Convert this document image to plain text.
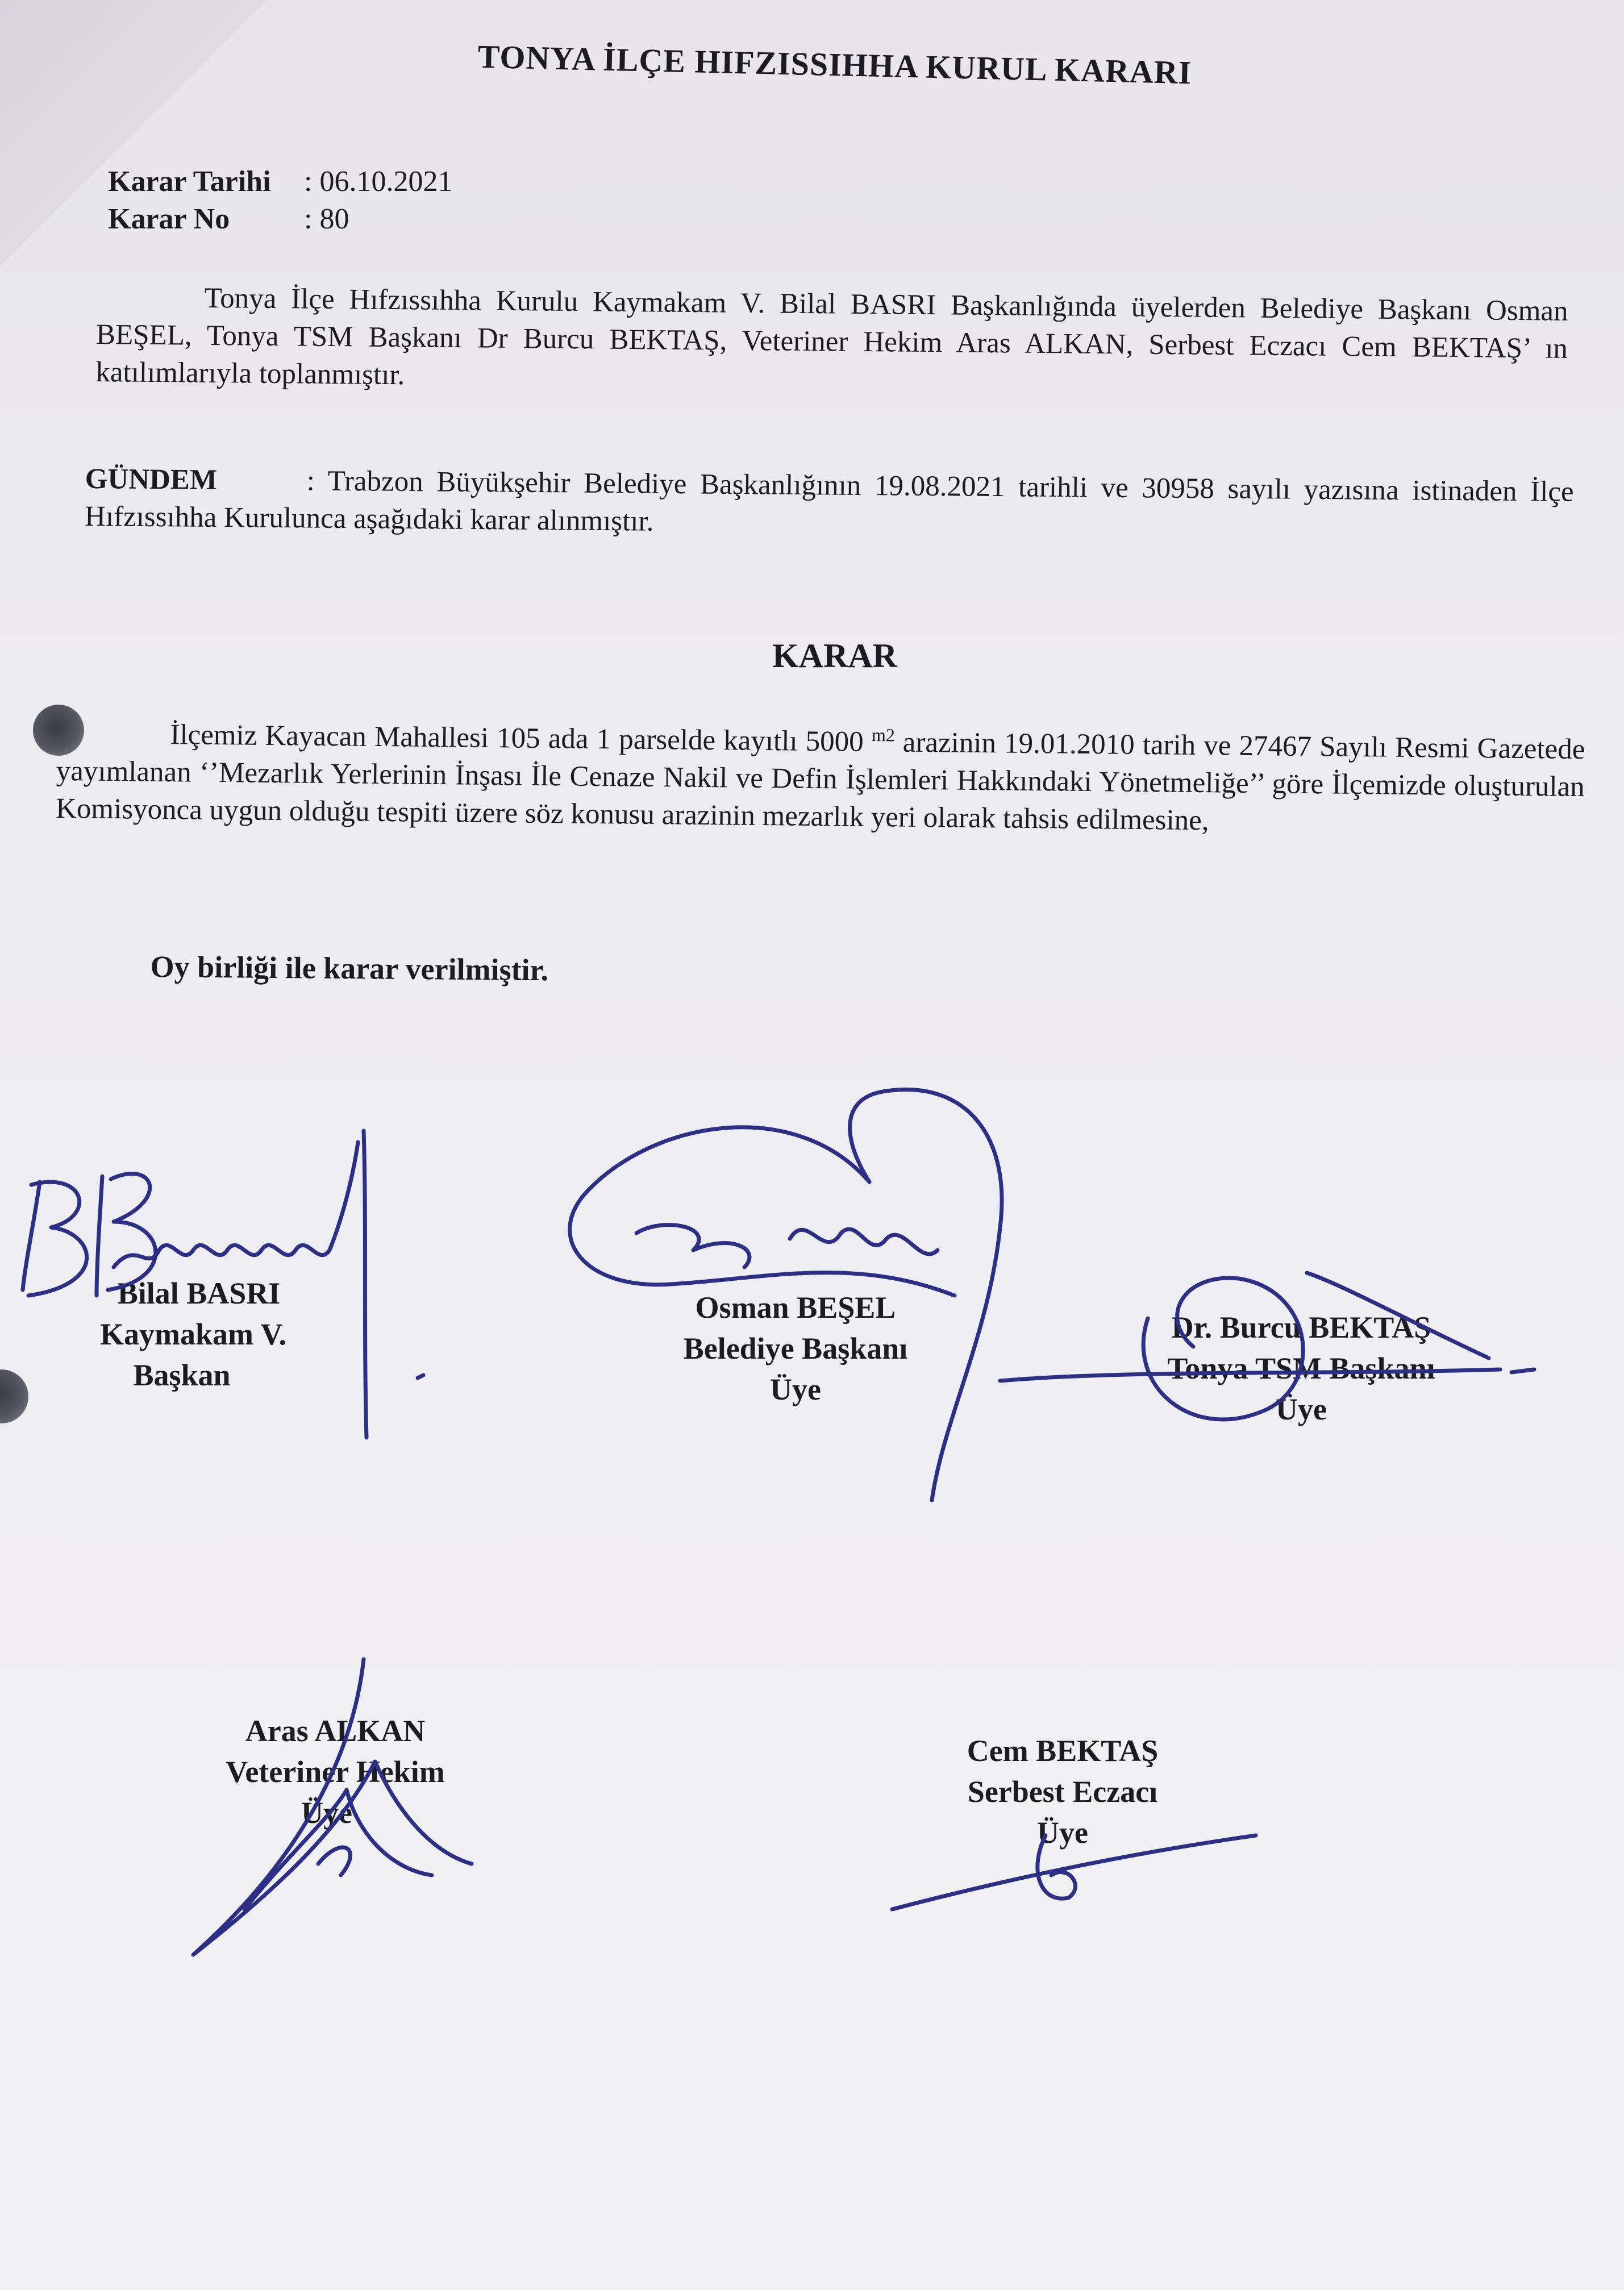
TONYA İLÇE HIFZISSIHHA KURUL KARARI
Karar Tarihi : 06.10.2021
Karar No	: 80

Tonya İlçe Hıfzıssıhha Kurulu Kaymakam V. Bilal BASRI Başkanlığında üyelerden Belediye Başkanı Osman BEŞEL, Tonya TSM Başkanı Dr Burcu BEKTAŞ, Veteriner Hekim Aras ALKAN, Serbest Eczacı Cem BEKTAŞ’ ın katılımlarıyla toplanmıştır.

GÜNDEM	: Trabzon Büyükşehir Belediye Başkanlığının 19.08.2021 tarihli ve 30958 sayılı yazısına istinaden İlçe Hıfzıssıhha Kurulunca aşağıdaki karar alınmıştır.

KARAR

İlçemiz Kayacan Mahallesi 105 ada 1 parselde kayıtlı 5000 $^{m2}$ arazinin 19.01.2010 tarih ve 27467 Sayılı Resmi Gazetede yayımlanan ‘’Mezarlık Yerlerinin İnşası İle Cenaze Nakil ve Defin İşlemleri Hakkındaki Yönetmeliğe’’ göre İlçemizde oluşturulan Komisyonca uygun olduğu tespiti üzere söz konusu arazinin mezarlık yeri olarak tahsis edilmesine,

Oy birliği ile karar verilmiştir.
Bilal BASRI
Kaymakam V.
Başkan
Osman BEŞEL
Belediye Başkanı
Üye
Dr. Burcu BEKTAŞ
Tonya TSM Başkanı
Üye
Aras ALKAN
Veteriner Hekim
Üye
Cem BEKTAŞ
Serbest Eczacı
Üye
